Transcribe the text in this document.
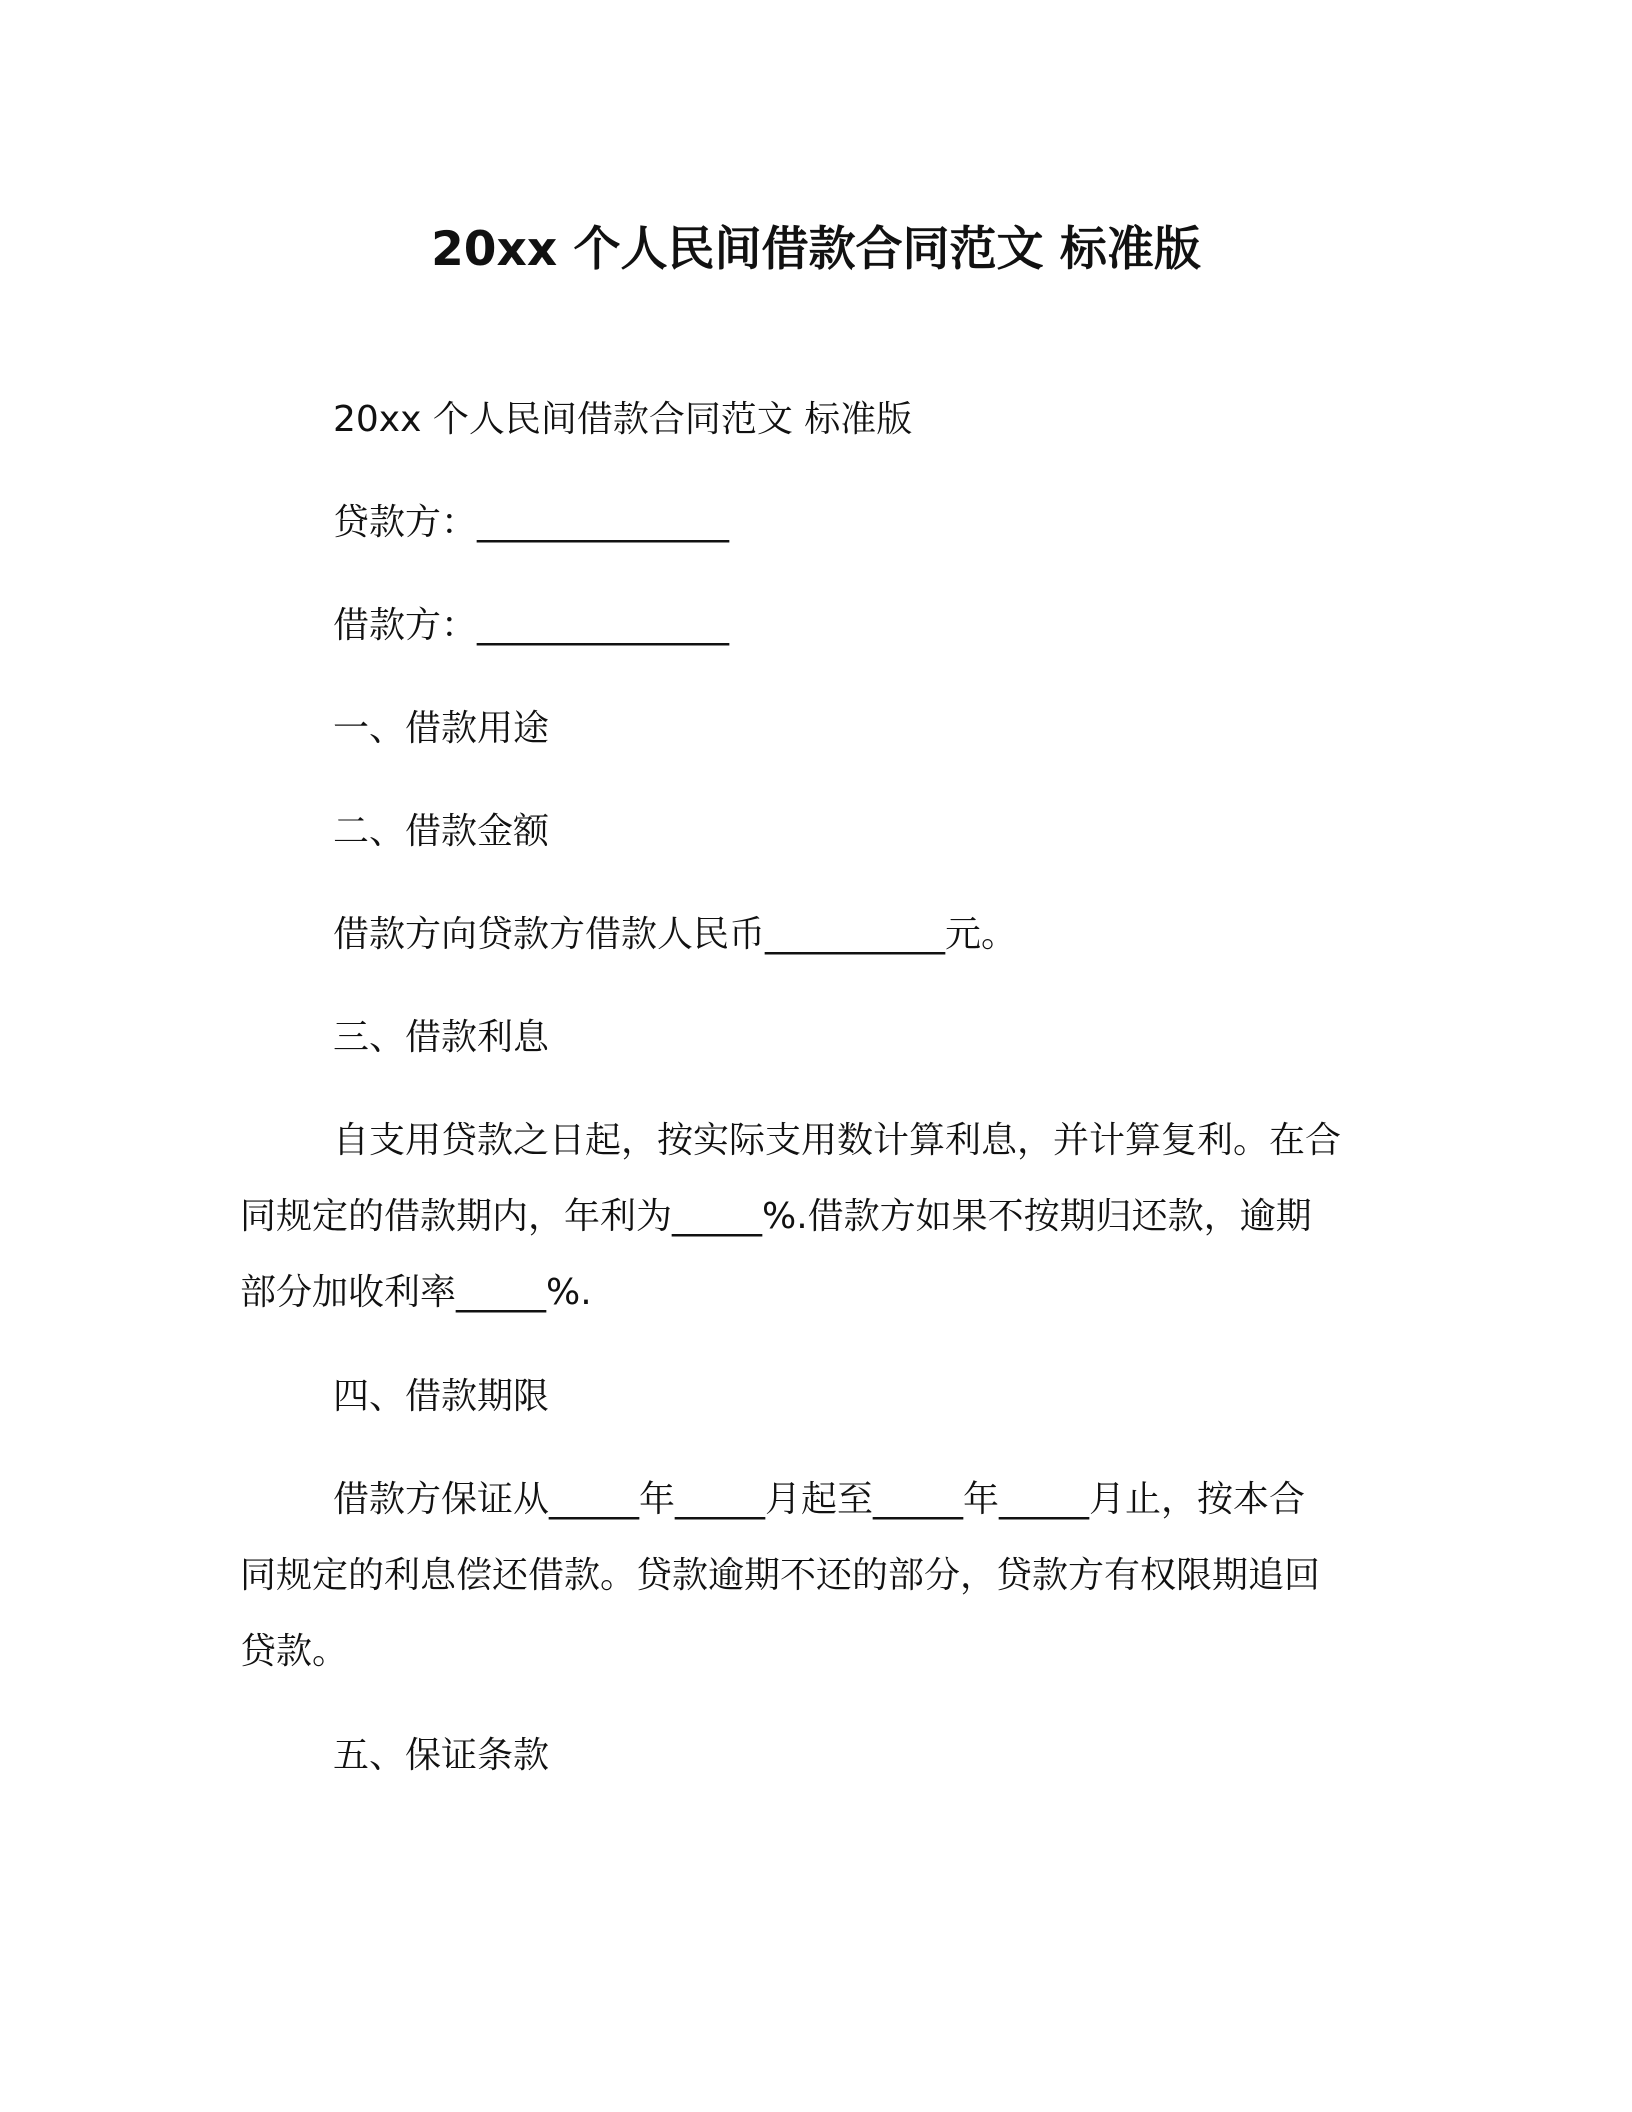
20xx 个人民间借款合同范文 标准版
20xx 个人民间借款合同范文 标准版
贷款方：______________
借款方：______________
一、借款用途
二、借款金额
借款方向贷款方借款人民币__________元。
三、借款利息
自支用贷款之日起，按实际支用数计算利息，并计算复利。在合
同规定的借款期内，年利为_____%.借款方如果不按期归还款，逾期
部分加收利率_____%.
四、借款期限
借款方保证从_____年_____月起至_____年_____月止，按本合
同规定的利息偿还借款。贷款逾期不还的部分，贷款方有权限期追回
贷款。
五、保证条款
